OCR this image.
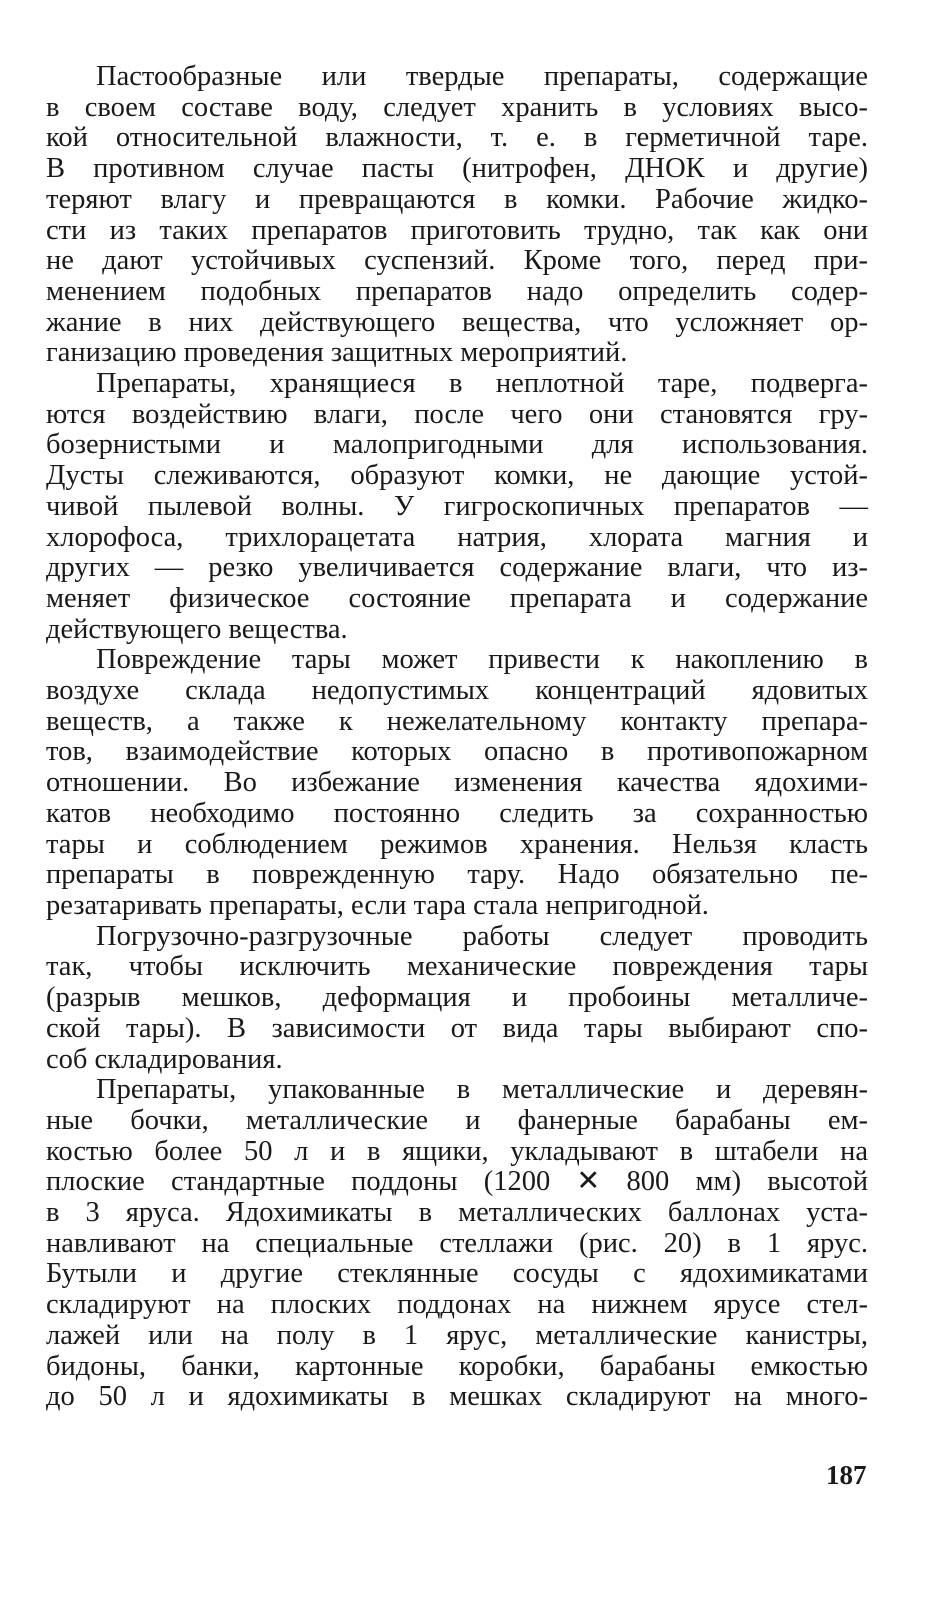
Пастообразные или твердые препараты, содержащие
в своем составе воду, следует хранить в условиях высо-
кой относительной влажности, т. е. в герметичной таре.
В противном случае пасты (нитрофен, ДНОК и другие)
теряют влагу и превращаются в комки. Рабочие жидко-
сти из таких препаратов приготовить трудно, так как они
не дают устойчивых суспензий. Кроме того, перед при-
менением подобных препаратов надо определить содер-
жание в них действующего вещества, что усложняет ор-
ганизацию проведения защитных мероприятий.

Препараты, хранящиеся в неплотной таре, подверга-
ются воздействию влаги, после чего они становятся гру-
бозернистыми и малопригодными для использования.
Дусты слеживаются, образуют комки, не дающие устой-
чивой пылевой волны. У гигроскопичных препаратов —
хлорофоса, трихлорацетата натрия, хлората магния и
других — резко увеличивается содержание влаги, что из-
меняет физическое состояние препарата и содержание
действующего вещества.

Повреждение тары может привести к накоплению в
воздухе склада недопустимых концентраций ядовитых
веществ, а также к нежелательному контакту препара-
тов, взаимодействие которых опасно в противопожарном
отношении. Во избежание изменения качества ядохими-
катов необходимо постоянно следить за сохранностью
тары и соблюдением режимов хранения. Нельзя класть
препараты в поврежденную тару. Надо обязательно пе-
резатаривать препараты, если тара стала непригодной.

Погрузочно-разгрузочные работы следует проводить
так, чтобы исключить механические повреждения тары
(разрыв мешков, деформация и пробоины металличе-
ской тары). В зависимости от вида тары выбирают спо-
соб складирования.

Препараты, упакованные в металлические и деревян-
ные бочки, металлические и фанерные барабаны ем-
костью более 50 л и в ящики, укладывают в штабели на
плоские стандартные поддоны (1200 ✕ 800 мм) высотой
в 3 яруса. Ядохимикаты в металлических баллонах уста-
навливают на специальные стеллажи (рис. 20) в 1 ярус.
Бутыли и другие стеклянные сосуды с ядохимикатами
складируют на плоских поддонах на нижнем ярусе стел-
лажей или на полу в 1 ярус, металлические канистры,
бидоны, банки, картонные коробки, барабаны емкостью
до 50 л и ядохимикаты в мешках складируют на много-

187
